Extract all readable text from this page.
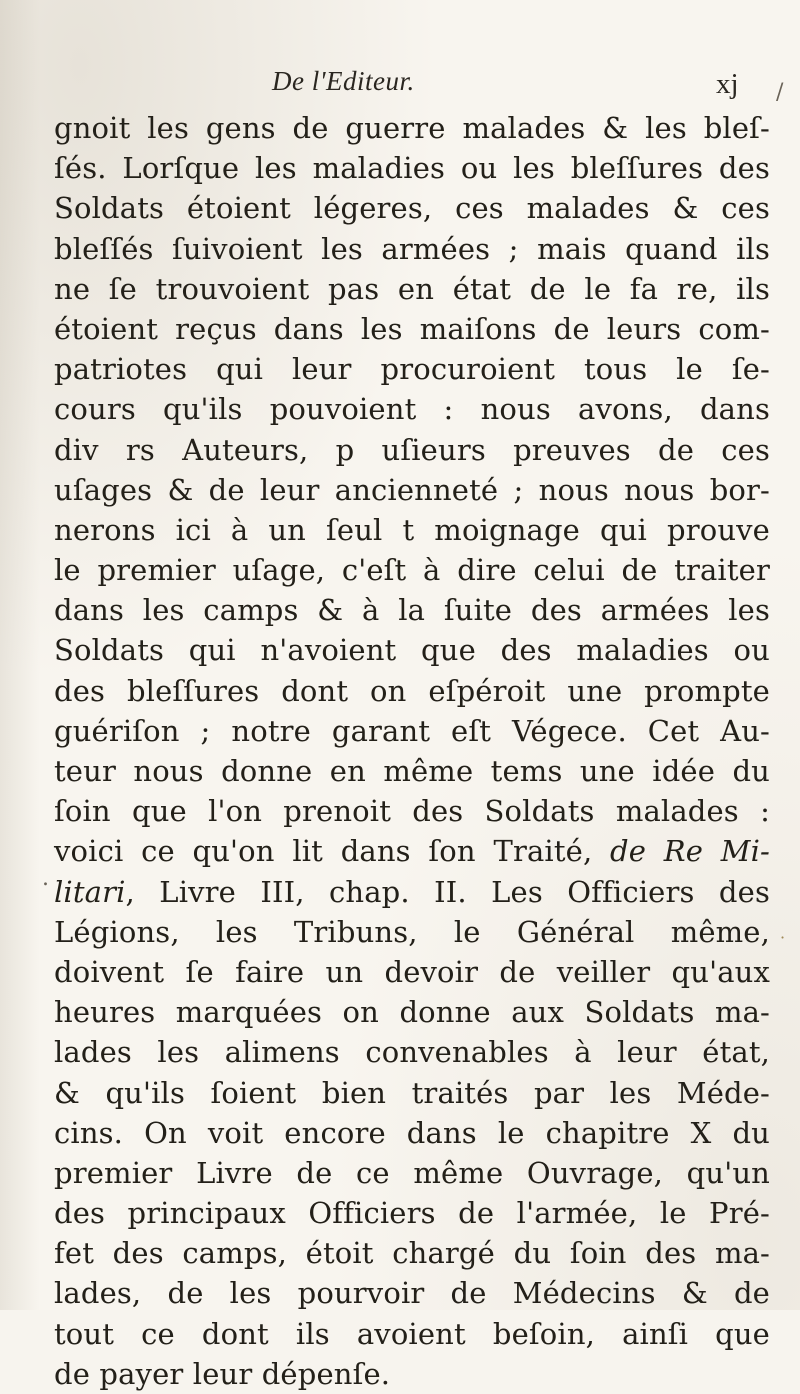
De l'Editeur.	xj /
.
·
gnoit les gens de guerre malades & les bleſ-
ſés. Lorſque les maladies ou les bleſſures des
Soldats étoient légeres, ces malades & ces
bleſſés ſuivoient les armées ; mais quand ils
ne ſe trouvoient pas en état de le fa re, ils
étoient reçus dans les maiſons de leurs com-
patriotes qui leur procuroient tous le ſe-
cours qu'ils pouvoient : nous avons, dans
div rs Auteurs, p uſieurs preuves de ces
uſages & de leur ancienneté ; nous nous bor-
nerons ici à un ſeul t moignage qui prouve
le premier uſage, c'eſt à dire celui de traiter
dans les camps & à la ſuite des armées les
Soldats qui n'avoient que des maladies ou
des bleſſures dont on eſpéroit une prompte
guériſon ; notre garant eſt Végece. Cet Au-
teur nous donne en même tems une idée du
ſoin que l'on prenoit des Soldats malades :
voici ce qu'on lit dans ſon Traité, de Re Mi-
litari, Livre III, chap. II. Les Officiers des
Légions, les Tribuns, le Général même,
doivent ſe faire un devoir de veiller qu'aux
heures marquées on donne aux Soldats ma-
lades les alimens convenables à leur état,
& qu'ils ſoient bien traités par les Méde-
cins. On voit encore dans le chapitre X du
premier Livre de ce même Ouvrage, qu'un
des principaux Officiers de l'armée, le Pré-
fet des camps, étoit chargé du ſoin des ma-
lades, de les pourvoir de Médecins & de
tout ce dont ils avoient beſoin, ainſi que
de payer leur dépenſe.
